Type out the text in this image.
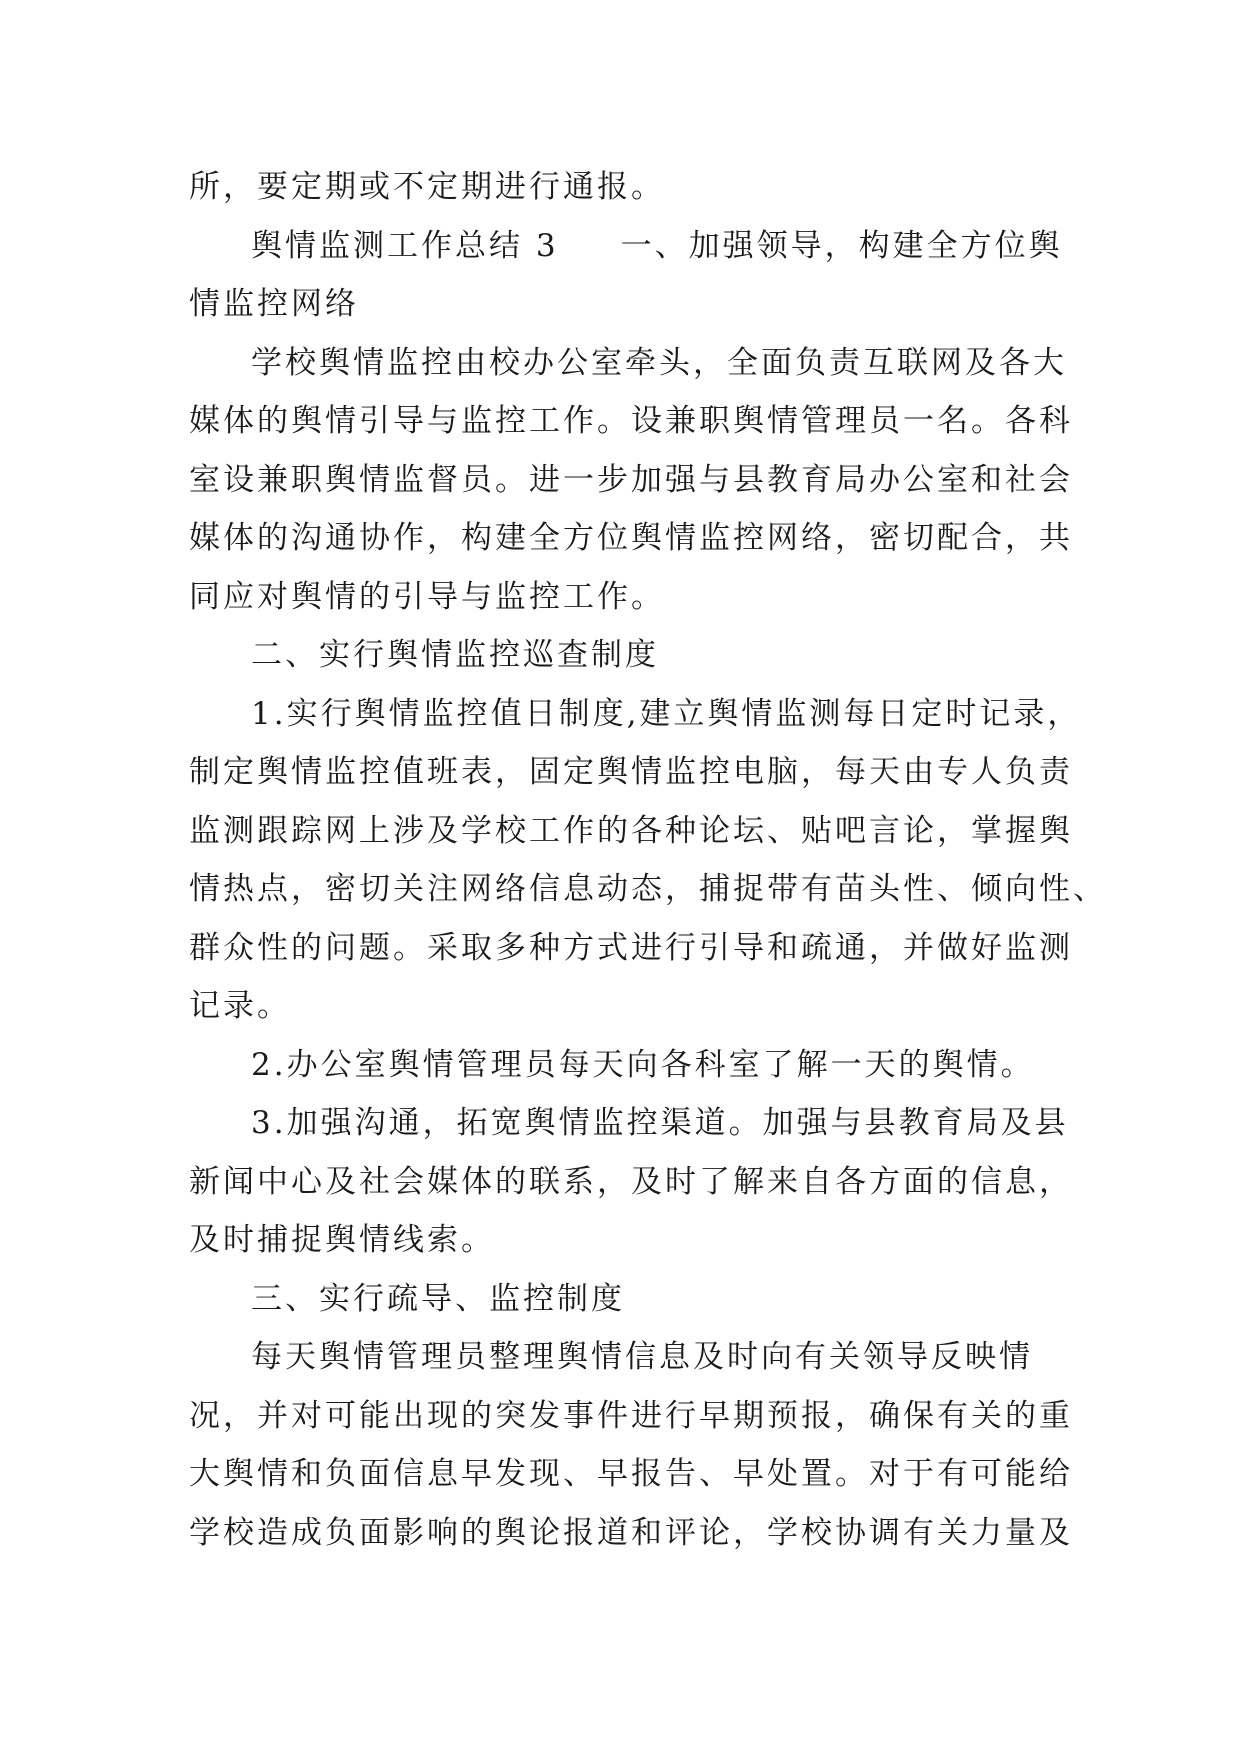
所，要定期或不定期进行通报。
舆情监测工作总结 3 一、加强领导，构建全方位舆
情监控网络
学校舆情监控由校办公室牵头，全面负责互联网及各大
媒体的舆情引导与监控工作。设兼职舆情管理员一名。各科
室设兼职舆情监督员。进一步加强与县教育局办公室和社会
媒体的沟通协作，构建全方位舆情监控网络，密切配合，共
同应对舆情的引导与监控工作。
二、实行舆情监控巡查制度
1.实行舆情监控值日制度,建立舆情监测每日定时记录，
制定舆情监控值班表，固定舆情监控电脑，每天由专人负责
监测跟踪网上涉及学校工作的各种论坛、贴吧言论，掌握舆
情热点，密切关注网络信息动态，捕捉带有苗头性、倾向性、
群众性的问题。采取多种方式进行引导和疏通，并做好监测
记录。
2.办公室舆情管理员每天向各科室了解一天的舆情。
3.加强沟通，拓宽舆情监控渠道。加强与县教育局及县
新闻中心及社会媒体的联系，及时了解来自各方面的信息，
及时捕捉舆情线索。
三、实行疏导、监控制度
每天舆情管理员整理舆情信息及时向有关领导反映情
况，并对可能出现的突发事件进行早期预报，确保有关的重
大舆情和负面信息早发现、早报告、早处置。对于有可能给
学校造成负面影响的舆论报道和评论，学校协调有关力量及
